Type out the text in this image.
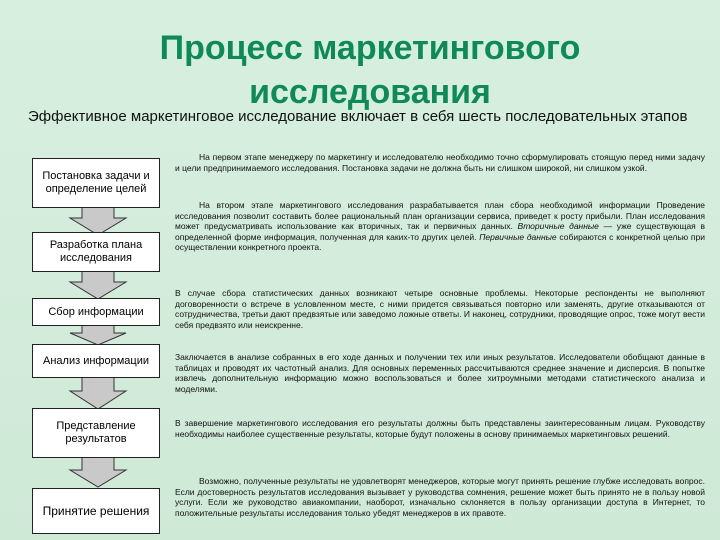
Процесс маркетингового
исследования
Эффективное маркетинговое исследование включает в себя шесть последовательных этапов
Постановка задачи и определение целей
Разработка плана исследования
Сбор информации
Анализ информации
Представление результатов
Принятие решения
На первом этапе менеджеру по маркетингу и исследователю необходимо точно сформулировать стоящую перед ними задачу и цели предпринимаемого исследования. Постановка задачи не должна быть ни слишком широкой, ни слишком узкой.
На втором этапе маркетингового исследования разрабатывается план сбора необходимой информации Проведение исследования позволит составить более рациональный план организации сервиса, приведет к росту прибыли. План исследования может предусматривать использование как вторичных, так и первичных данных. Вторичные данные — уже существующая в определенной форме информация, полученная для каких-то других целей. Первичные данные собираются с конкретной целью при осуществлении конкретного проекта.
В случае сбора статистических данных возникают четыре основные проблемы. Некоторые респонденты не выполняют договоренности о встрече в условленном месте, с ними придется связываться повторно или заменять, другие отказываются от сотрудничества, третьи дают предвзятые или заведомо ложные ответы. И наконец, сотрудники, проводящие опрос, тоже могут вести себя предвзято или неискренне.
Заключается в анализе собранных в его ходе данных и получении тех или иных результатов. Исследователи обобщают данные в таблицах и проводят их частотный анализ. Для основных переменных рассчитываются среднее значение и дисперсия. В попытке извлечь дополнительную информацию можно воспользоваться и более хитроумными методами статистического анализа и моделями.
В завершение маркетингового исследования его результаты должны быть представлены заинтересованным лицам. Руководству необходимы наиболее существенные результаты, которые будут положены в основу принимаемых маркетинговых решений.
Возможно, полученные результаты не удовлетворят менеджеров, которые могут принять решение глубже исследовать вопрос. Если достоверность результатов исследования вызывает у руководства сомнения, решение может быть принято не в пользу новой услуги. Если же руководство авиакомпании, наоборот, изначально склоняется в пользу организации доступа в Интернет, то положительные результаты исследования только убедят менеджеров в их правоте.
